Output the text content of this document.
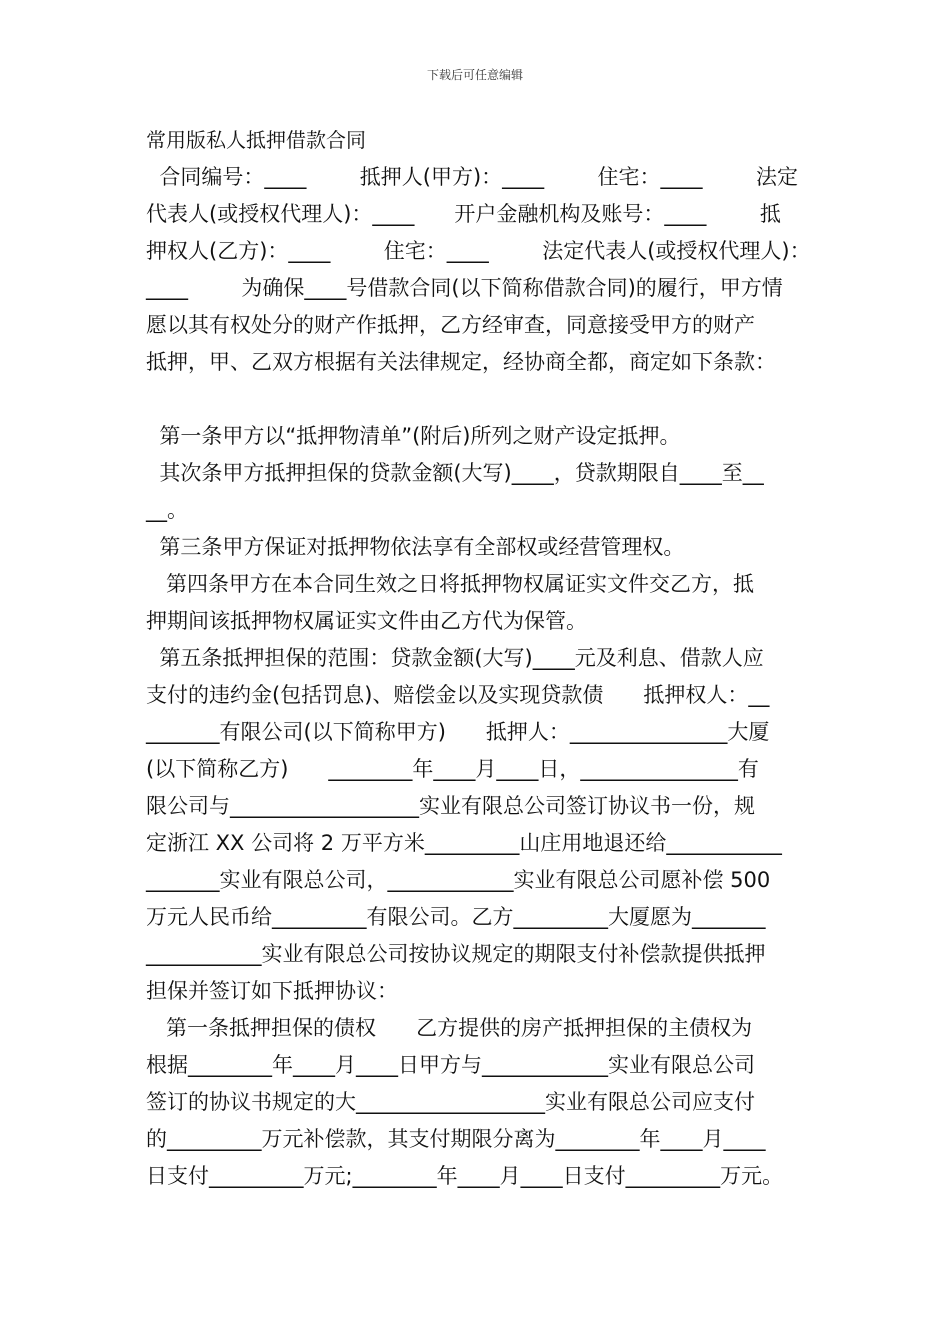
下载后可任意编辑
常用版私人抵押借款合同
合同编号：____        抵押人(甲方)：____        住宅：____        法定
代表人(或授权代理人)：____      开户金融机构及账号：____        抵
押权人(乙方)：____        住宅：____        法定代表人(或授权代理人)：
____        为确保____号借款合同(以下简称借款合同)的履行，甲方情
愿以其有权处分的财产作抵押，乙方经审查，同意接受甲方的财产
抵押，甲、乙双方根据有关法律规定，经协商全都，商定如下条款：
第一条甲方以“抵押物清单”(附后)所列之财产设定抵押。
其次条甲方抵押担保的贷款金额(大写)____，贷款期限自____至__
__。
第三条甲方保证对抵押物依法享有全部权或经营管理权。
第四条甲方在本合同生效之日将抵押物权属证实文件交乙方，抵
押期间该抵押物权属证实文件由乙方代为保管。
第五条抵押担保的范围：贷款金额(大写)____元及利息、借款人应
支付的违约金(包括罚息)、赔偿金以及实现贷款债      抵押权人：__
_______有限公司(以下简称甲方)      抵押人：_______________大厦
(以下简称乙方)      ________年____月____日，_______________有
限公司与__________________实业有限总公司签订协议书一份，规
定浙江 XX 公司将 2 万平方米_________山庄用地退还给___________
_______实业有限总公司，____________实业有限总公司愿补偿 500
万元人民币给_________有限公司。乙方_________大厦愿为_______
___________实业有限总公司按协议规定的期限支付补偿款提供抵押
担保并签订如下抵押协议：
第一条抵押担保的债权      乙方提供的房产抵押担保的主债权为
根据________年____月____日甲方与____________实业有限总公司
签订的协议书规定的大__________________实业有限总公司应支付
的_________万元补偿款，其支付期限分离为________年____月____
日支付_________万元;________年____月____日支付_________万元。
